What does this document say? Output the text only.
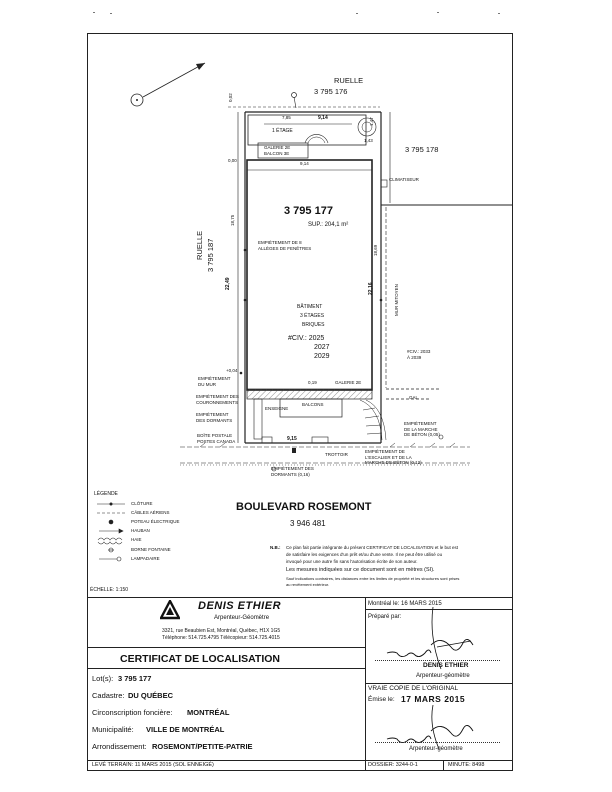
RUELLE
3 795 176
RUELLE 3 795 187
3 795 178
3 795 177
SUP.: 204,1 m²
9,14
7,85
1,43
1,47
9,14
0,02
0,00
22,49
18,75
22,16
18,69
MUR MITOYEN
1 ÉTAGE
GALERIE 2E
BALCON 3E
CLIMATISEUR
EMPIÈTEMENT DE 8
ALLÈGES DE FENÊTRES
BÂTIMENT
3 ÉTAGES
BRIQUES
#CIV.: 2025
2027
2029
#CIV.: 2033
À 2039
+0,04
0,19	GALERIE 2E
GAL.
EMPIÈTEMENT
DU MUR
EMPIÈTEMENT DES
COURONNEMENTS
ENSEIGNE
BALCONS
EMPIÈTEMENT
DES DORMANTS
BOÎTE POSTALE
POSTES CANADA	9,15
EMPIÈTEMENT
DE LA MARCHE
DE BÉTON (0,05)
EMPIÈTEMENT DE
L'ESCALIER ET DE LA
MARCHE DE BÉTON (0,12)
TROTTOIR
EMPIÈTEMENT DES
DORMANTS (0,16)
BOULEVARD ROSEMONT
3 946 481
LÉGENDE
CLÔTURE
CÂBLES AÉRIENS
POTEAU ÉLECTRIQUE
HAUBAN
HAIE
BORNE FONTAINE
LAMPADAIRE
N.B.: Ce plan fait partie intégrante du présent CERTIFICAT DE LOCALISATION et le but est
de satisfaire les exigences d'un prêt et/ou d'une vente. Il ne peut être utilisé ou
invoqué pour une autre fin sans l'autorisation écrite de son auteur.
Les mesures indiquées sur ce document sont en mètres (SI).
Sauf indications contraires, les distances entre les limites de propriété et les structures sont prises
au revêtement extérieur.
ÉCHELLE: 1:150
DENIS ETHIER
Arpenteur-Géomètre
3321, rue Beaubien Est, Montréal, Québec, H1X 1G5
Téléphone: 514.725.4795 Télécopieur: 514.725.4015
CERTIFICAT DE LOCALISATION
Lot(s): 3 795 177
Cadastre: DU QUÉBEC
Circonscription foncière: MONTRÉAL
Municipalité: VILLE DE MONTRÉAL
Arrondissement: ROSEMONT/PETITE-PATRIE
LEVÉ TERRAIN: 11 MARS 2015 (SOL ENNEIGÉ)
Montréal le: 16 MARS 2015
Préparé par:
DENIS ETHIER
Arpenteur-géomètre
VRAIE COPIE DE L'ORIGINAL
Émise le: 17 MARS 2015
Arpenteur-géomètre
DOSSIER: 3244-0-1	MINUTE: 8498
